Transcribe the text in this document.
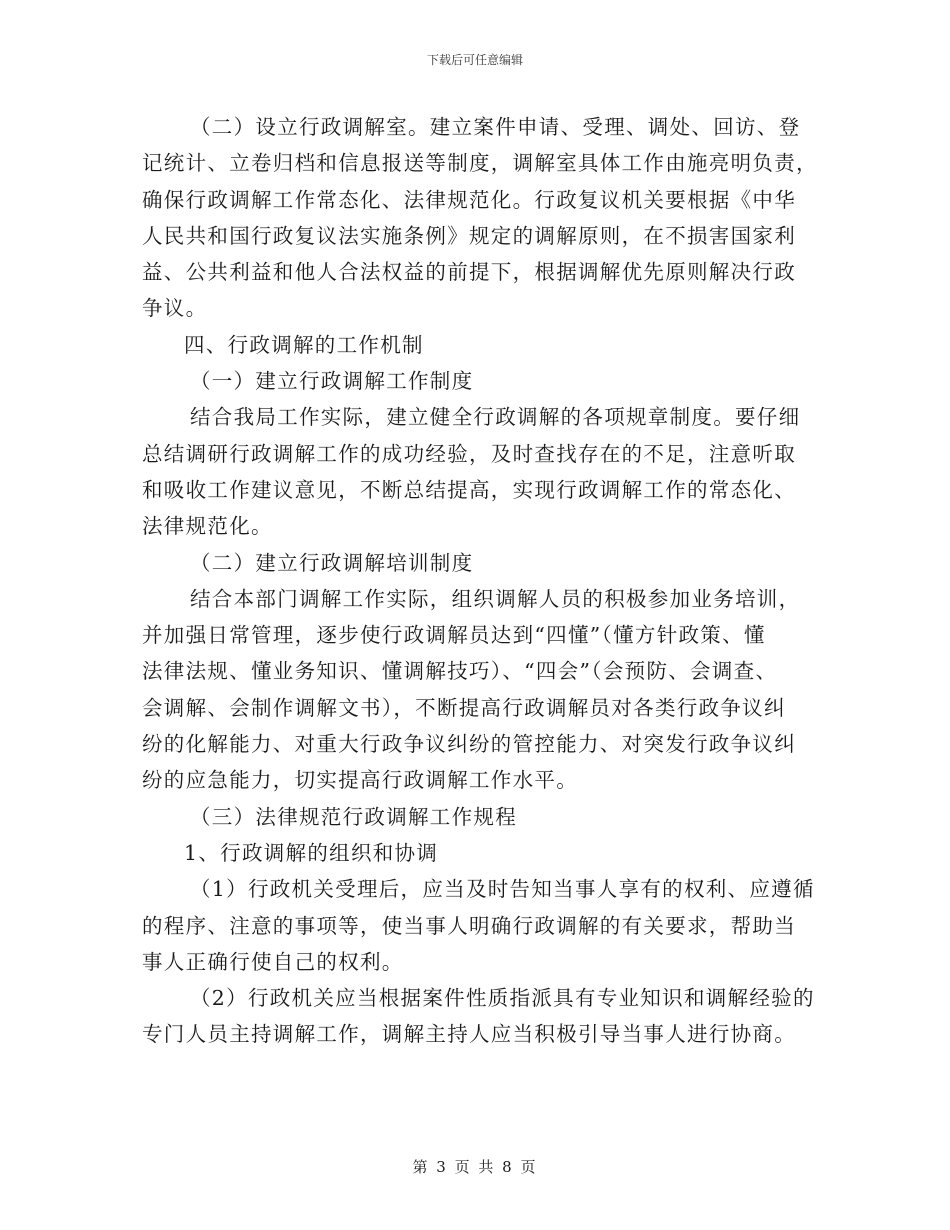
下载后可任意编辑
（二）设立行政调解室。建立案件申请、受理、调处、回访、登
记统计、立卷归档和信息报送等制度，调解室具体工作由施亮明负责，
确保行政调解工作常态化、法律规范化。行政复议机关要根据《中华
人民共和国行政复议法实施条例》规定的调解原则，在不损害国家利
益、公共利益和他人合法权益的前提下，根据调解优先原则解决行政
争议。
四、行政调解的工作机制
（一）建立行政调解工作制度
结合我局工作实际，建立健全行政调解的各项规章制度。要仔细
总结调研行政调解工作的成功经验，及时查找存在的不足，注意听取
和吸收工作建议意见，不断总结提高，实现行政调解工作的常态化、
法律规范化。
（二）建立行政调解培训制度
结合本部门调解工作实际，组织调解人员的积极参加业务培训，
并加强日常管理，逐步使行政调解员达到“四懂”（懂方针政策、懂
法律法规、懂业务知识、懂调解技巧）、“四会”（会预防、会调查、
会调解、会制作调解文书），不断提高行政调解员对各类行政争议纠
纷的化解能力、对重大行政争议纠纷的管控能力、对突发行政争议纠
纷的应急能力，切实提高行政调解工作水平。
（三）法律规范行政调解工作规程
1、行政调解的组织和协调
（1）行政机关受理后，应当及时告知当事人享有的权利、应遵循
的程序、注意的事项等，使当事人明确行政调解的有关要求，帮助当
事人正确行使自己的权利。
（2）行政机关应当根据案件性质指派具有专业知识和调解经验的
专门人员主持调解工作，调解主持人应当积极引导当事人进行协商。
第 3 页 共 8 页
